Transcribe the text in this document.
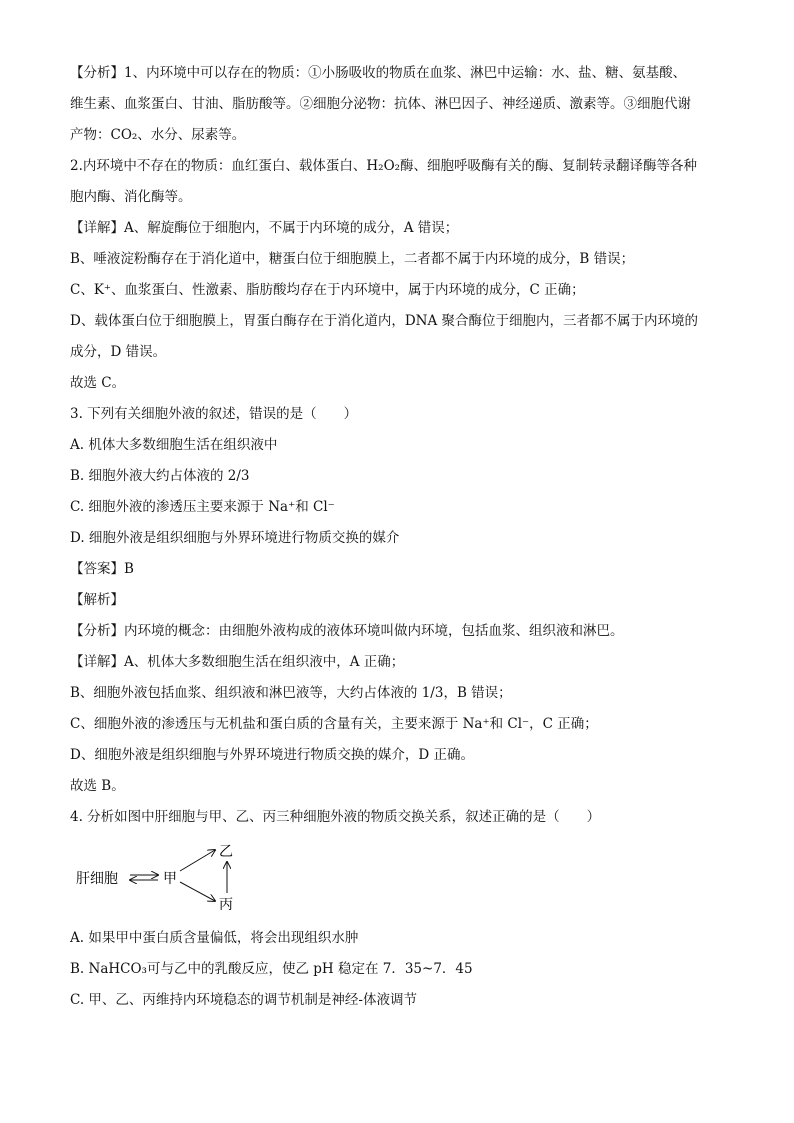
【分析】1、内环境中可以存在的物质：①小肠吸收的物质在血浆、淋巴中运输：水、盐、糖、氨基酸、
维生素、血浆蛋白、甘油、脂肪酸等。②细胞分泌物：抗体、淋巴因子、神经递质、激素等。③细胞代谢
产物：CO₂、水分、尿素等。
2.内环境中不存在的物质：血红蛋白、载体蛋白、H₂O₂酶、细胞呼吸酶有关的酶、复制转录翻译酶等各种
胞内酶、消化酶等。
【详解】A、解旋酶位于细胞内，不属于内环境的成分，A 错误；
B、唾液淀粉酶存在于消化道中，糖蛋白位于细胞膜上，二者都不属于内环境的成分，B 错误；
C、K⁺、血浆蛋白、性激素、脂肪酸均存在于内环境中，属于内环境的成分，C 正确；
D、载体蛋白位于细胞膜上，胃蛋白酶存在于消化道内，DNA 聚合酶位于细胞内，三者都不属于内环境的
成分，D 错误。
故选 C。
3. 下列有关细胞外液的叙述，错误的是（　　）
A. 机体大多数细胞生活在组织液中
B. 细胞外液大约占体液的 2/3
C. 细胞外液的渗透压主要来源于 Na⁺和 Cl⁻
D. 细胞外液是组织细胞与外界环境进行物质交换的媒介
【答案】B
【解析】
【分析】内环境的概念：由细胞外液构成的液体环境叫做内环境，包括血浆、组织液和淋巴。
【详解】A、机体大多数细胞生活在组织液中，A 正确；
B、细胞外液包括血浆、组织液和淋巴液等，大约占体液的 1/3，B 错误；
C、细胞外液的渗透压与无机盐和蛋白质的含量有关，主要来源于 Na⁺和 Cl⁻，C 正确；
D、细胞外液是组织细胞与外界环境进行物质交换的媒介，D 正确。
故选 B。
4. 分析如图中肝细胞与甲、乙、丙三种细胞外液的物质交换关系，叙述正确的是（　　）
肝细胞	甲
乙
丙
A. 如果甲中蛋白质含量偏低，将会出现组织水肿
B. NaHCO₃可与乙中的乳酸反应，使乙 pH 稳定在 7．35~7．45
C. 甲、乙、丙维持内环境稳态的调节机制是神经-体液调节
